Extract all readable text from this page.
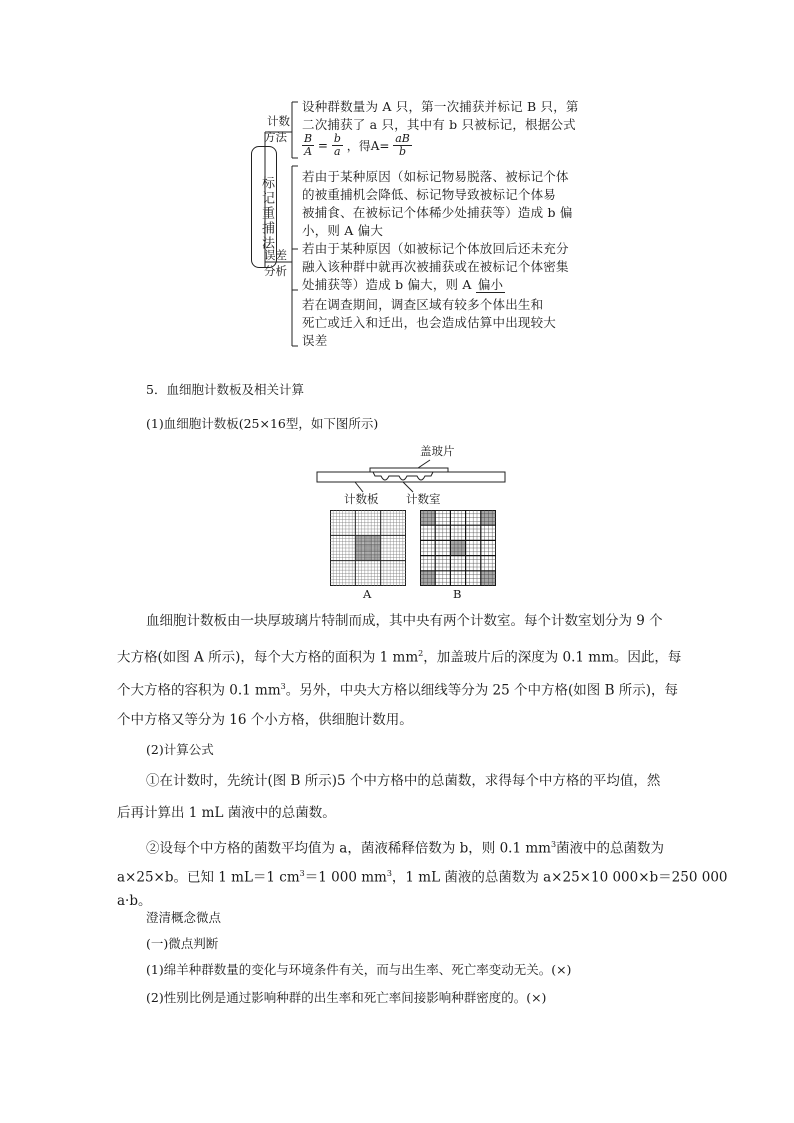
标记重捕法
计数
方法
误差
分析
设种群数量为 A 只，第一次捕获并标记 B 只，第
二次捕获了 a 只，其中有 b 只被标记，根据公式
$\frac{B}{A} = \frac{b}{a}$ ，得$A= \frac{aB}{b}$
若由于某种原因（如标记物易脱落、被标记个体
的被重捕机会降低、标记物导致被标记个体易
被捕食、在被标记个体稀少处捕获等）造成 b 偏
小，则 A 偏大
若由于某种原因（如被标记个体放回后还未充分
融入该种群中就再次被捕获或在被标记个体密集
处捕获等）造成 b 偏大，则 A 偏小
若在调查期间，调查区域有较多个体出生和
死亡或迁入和迁出，也会造成估算中出现较大
误差
5．血细胞计数板及相关计算
(1)血细胞计数板(25×16型，如下图所示)
盖玻片
计数板 计数室
A	B
血细胞计数板由一块厚玻璃片特制而成，其中央有两个计数室。每个计数室划分为 9 个
大方格(如图 A 所示)，每个大方格的面积为 1 $mm^2$，加盖玻片后的深度为 0.1 mm。因此，每
个大方格的容积为 0.1 $mm^3$。另外，中央大方格以细线等分为 25 个中方格(如图 B 所示)，每
个中方格又等分为 16 个小方格，供细胞计数用。
(2)计算公式
①在计数时，先统计(图 B 所示)5 个中方格中的总菌数，求得每个中方格的平均值，然
后再计算出 1 mL 菌液中的总菌数。
②设每个中方格的菌数平均值为 a，菌液稀释倍数为 b，则 0.1 $mm^3$菌液中的总菌数为
a×25×b。已知 1 mL＝1 $cm^3=1$ 000 $mm^3$，1 mL 菌液的总菌数为 a×25×10 000×b＝250 000
a·b。
澄清概念微点
(一)微点判断
(1)绵羊种群数量的变化与环境条件有关，而与出生率、死亡率变动无关。(×)
(2)性别比例是通过影响种群的出生率和死亡率间接影响种群密度的。(×)
